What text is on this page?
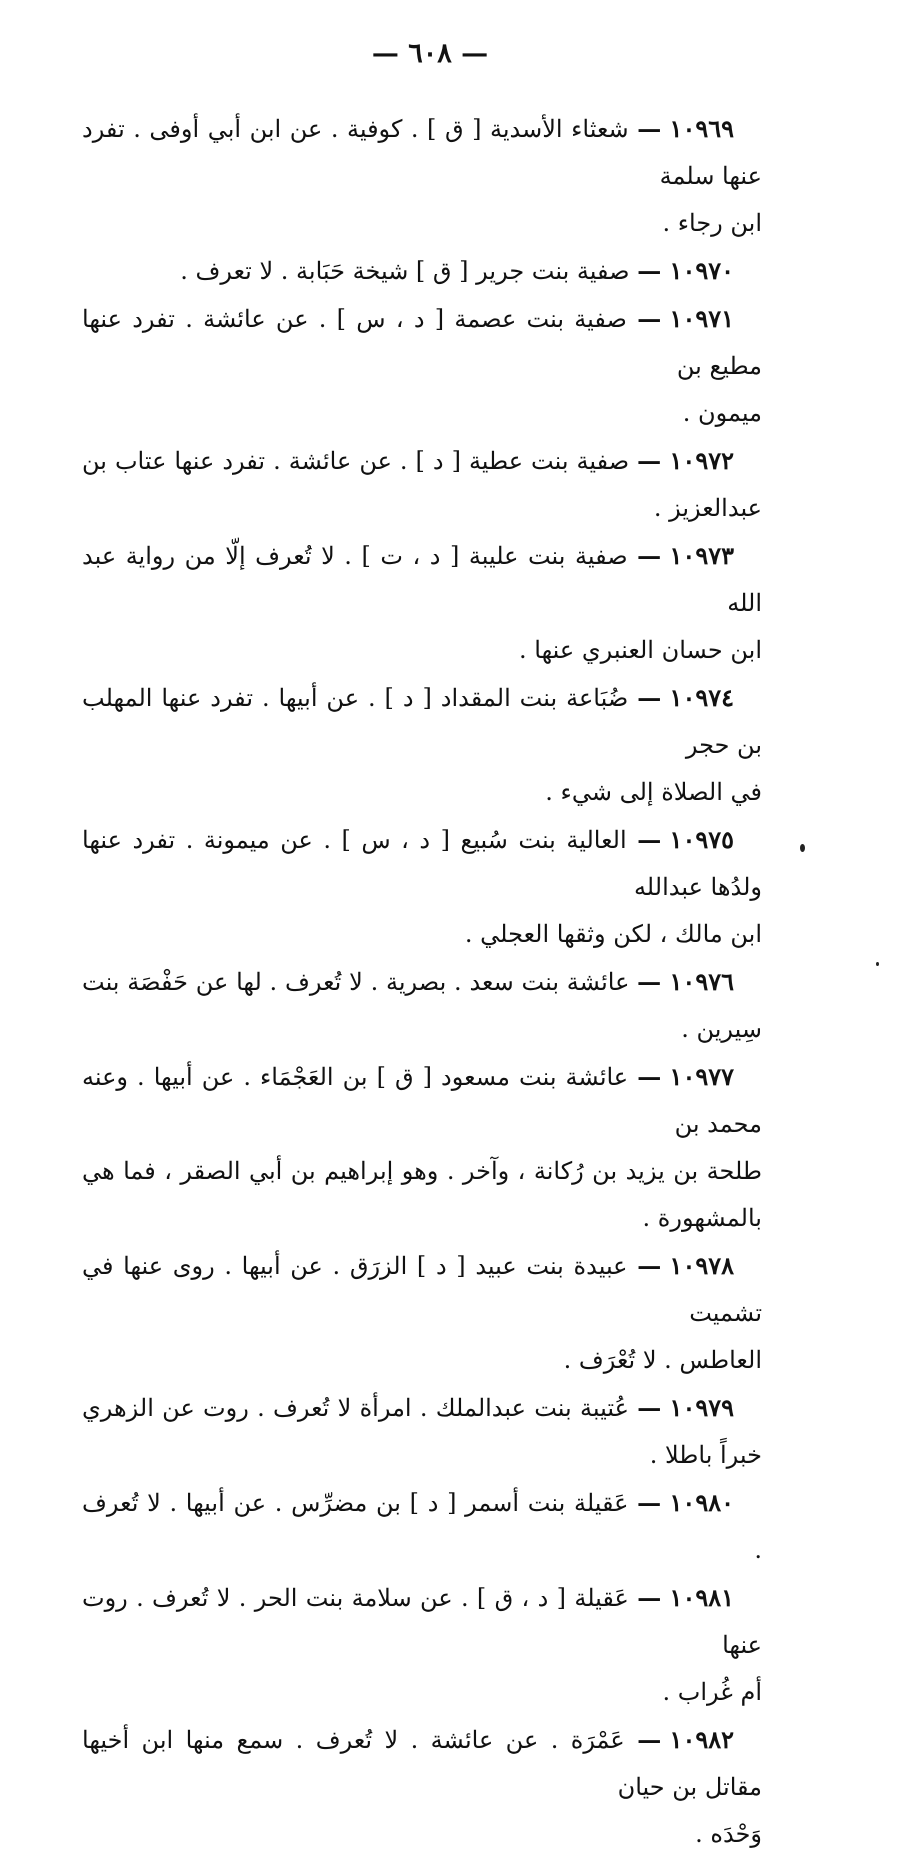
— ٦٠٨ —

١٠٩٦٩ — شعثاء الأسدية [ ق ] . كوفية . عن ابن أبي أوفى . تفرد عنها سلمة
ابن رجاء .

١٠٩٧٠ — صفية بنت جرير [ ق ] شيخة حَبَابة . لا تعرف .

١٠٩٧١ — صفية بنت عصمة [ د ، س ] . عن عائشة . تفرد عنها مطيع بن
ميمون .

١٠٩٧٢ — صفية بنت عطية [ د ] . عن عائشة . تفرد عنها عتاب بن عبدالعزيز .

١٠٩٧٣ — صفية بنت عليبة [ د ، ت ] . لا تُعرف إلّا من رواية عبد الله
ابن حسان العنبري عنها .

١٠٩٧٤ — ضُبَاعة بنت المقداد [ د ] . عن أبيها . تفرد عنها المهلب بن حجر
في الصلاة إلى شيء .

١٠٩٧٥ — العالية بنت سُبيع [ د ، س ] . عن ميمونة . تفرد عنها ولدُها عبدالله
ابن مالك ، لكن وثقها العجلي .

١٠٩٧٦ — عائشة بنت سعد . بصرية . لا تُعرف . لها عن حَفْصَة بنت سِيرين .

١٠٩٧٧ — عائشة بنت مسعود [ ق ] بن العَجْمَاء . عن أبيها . وعنه محمد بن
طلحة بن يزيد بن رُكانة ، وآخر . وهو إبراهيم بن أبي الصقر ، فما هي بالمشهورة .

١٠٩٧٨ — عبيدة بنت عبيد [ د ] الزرَق . عن أبيها . روى عنها في تشميت
العاطس . لا تُعْرَف .

١٠٩٧٩ — عُتيبة بنت عبدالملك . امرأة لا تُعرف . روت عن الزهري خبراً باطلا .

١٠٩٨٠ — عَقيلة بنت أسمر [ د ] بن مضرِّس . عن أبيها . لا تُعرف .

١٠٩٨١ — عَقيلة [ د ، ق ] . عن سلامة بنت الحر . لا تُعرف . روت عنها
أم غُراب .

١٠٩٨٢ — عَمْرَة . عن عائشة . لا تُعرف . سمع منها ابن أخيها مقاتل بن حيان
وَحْدَه .
